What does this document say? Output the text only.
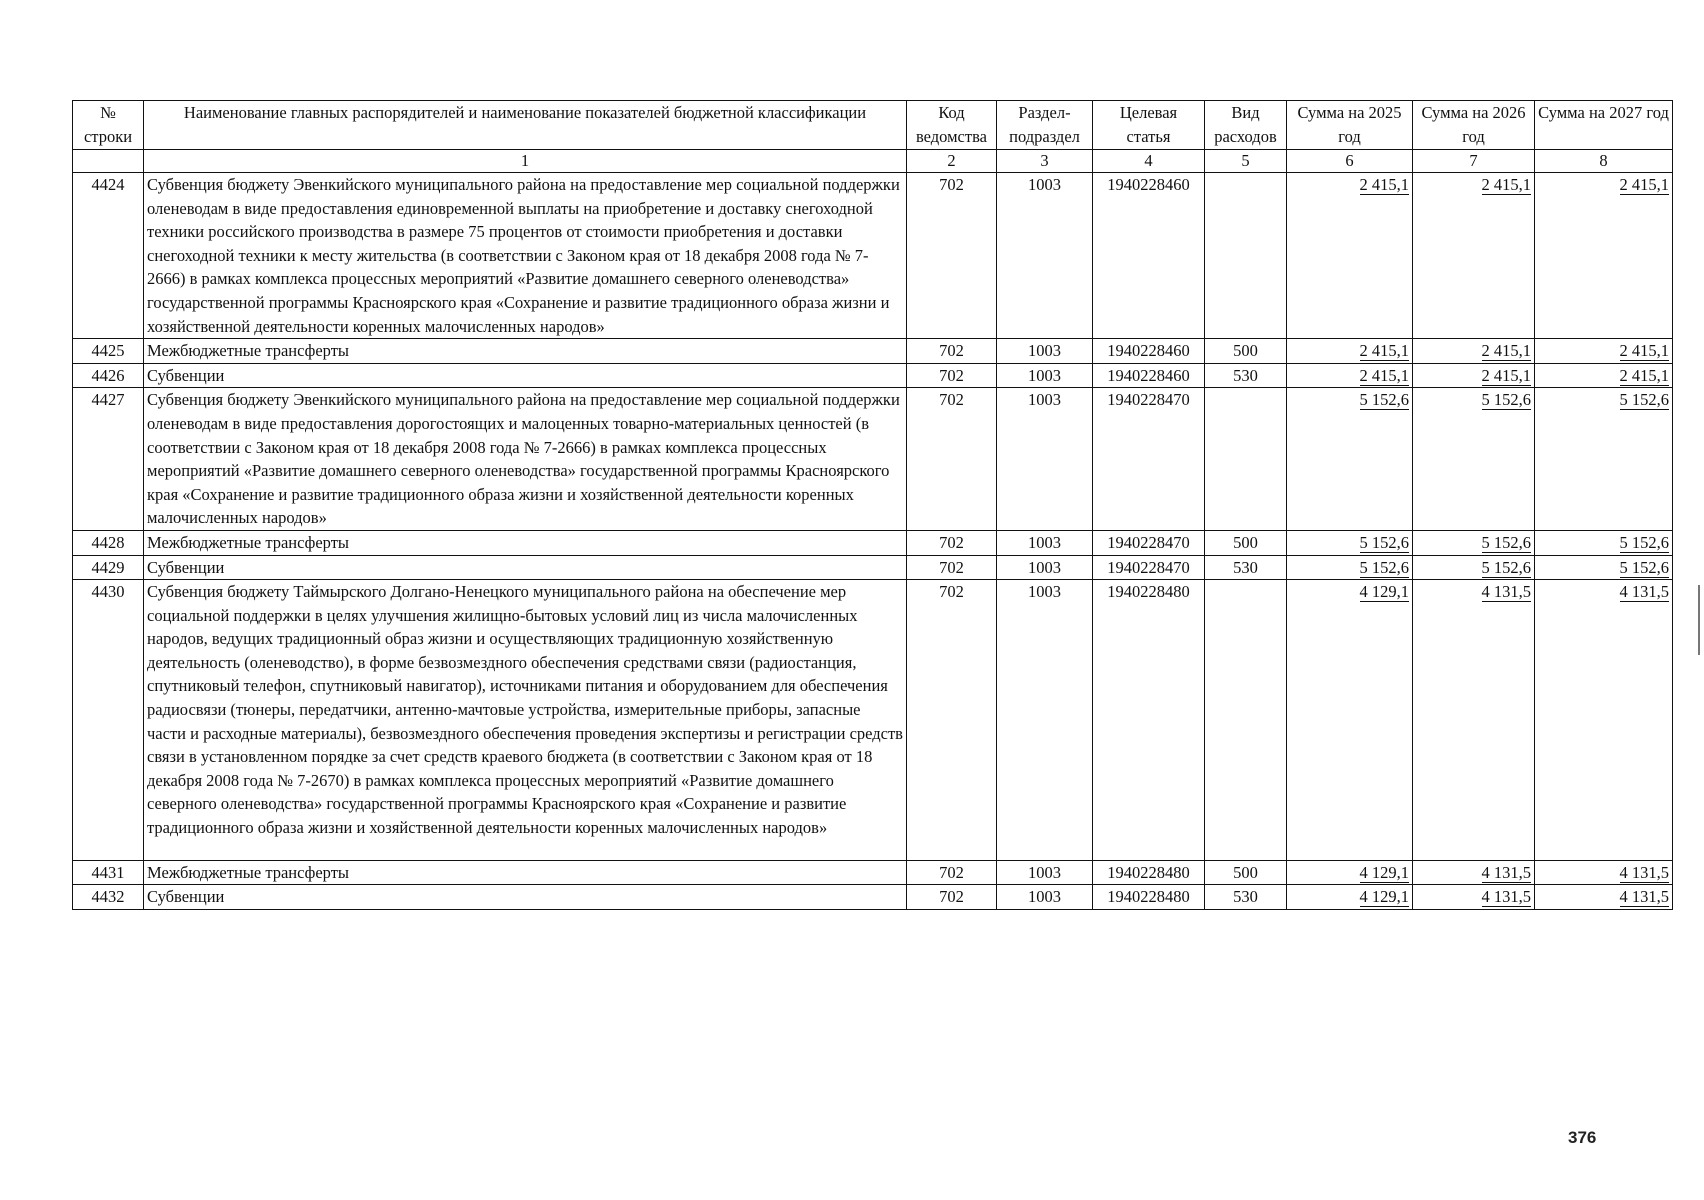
№ строки	Наименование главных распорядителей и наименование показателей бюджетной классификации	Код ведомства	Раздел-подраздел	Целевая статья	Вид расходов	Сумма на 2025 год	Сумма на 2026 год	Сумма на 2027 год
	1	2	3	4	5	6	7	8
4424	Субвенция бюджету Эвенкийского муниципального района на предоставление мер социальной поддержки оленеводам в виде предоставления единовременной выплаты на приобретение и доставку снегоходной техники российского производства в размере 75 процентов от стоимости приобретения и доставки снегоходной техники к месту жительства (в соответствии с Законом края от 18 декабря 2008 года № 7-2666) в рамках комплекса процессных мероприятий «Развитие домашнего северного оленеводства» государственной программы Красноярского края «Сохранение и развитие традиционного образа жизни и хозяйственной деятельности коренных малочисленных народов»	702	1003	1940228460		2 415,1	2 415,1	2 415,1
4425	Межбюджетные трансферты	702	1003	1940228460	500	2 415,1	2 415,1	2 415,1
4426	Субвенции	702	1003	1940228460	530	2 415,1	2 415,1	2 415,1
4427	Субвенция бюджету Эвенкийского муниципального района на предоставление мер социальной поддержки оленеводам в виде предоставления дорогостоящих и малоценных товарно-материальных ценностей (в соответствии с Законом края от 18 декабря 2008 года № 7-2666) в рамках комплекса процессных мероприятий «Развитие домашнего северного оленеводства» государственной программы Красноярского края «Сохранение и развитие традиционного образа жизни и хозяйственной деятельности коренных малочисленных народов»	702	1003	1940228470		5 152,6	5 152,6	5 152,6
4428	Межбюджетные трансферты	702	1003	1940228470	500	5 152,6	5 152,6	5 152,6
4429	Субвенции	702	1003	1940228470	530	5 152,6	5 152,6	5 152,6
4430	Субвенция бюджету Таймырского Долгано-Ненецкого муниципального района на обеспечение мер социальной поддержки в целях улучшения жилищно-бытовых условий лиц из числа малочисленных народов, ведущих традиционный образ жизни и осуществляющих традиционную хозяйственную деятельность (оленеводство), в форме безвозмездного обеспечения средствами связи (радиостанция, спутниковый телефон, спутниковый навигатор), источниками питания и оборудованием для обеспечения радиосвязи (тюнеры, передатчики, антенно-мачтовые устройства, измерительные приборы, запасные части и расходные материалы), безвозмездного обеспечения проведения экспертизы и регистрации средств связи в установленном порядке за счет средств краевого бюджета (в соответствии с Законом края от 18 декабря 2008 года № 7-2670) в рамках комплекса процессных мероприятий «Развитие домашнего северного оленеводства» государственной программы Красноярского края «Сохранение и развитие традиционного образа жизни и хозяйственной деятельности коренных малочисленных народов»	702	1003	1940228480		4 129,1	4 131,5	4 131,5
4431	Межбюджетные трансферты	702	1003	1940228480	500	4 129,1	4 131,5	4 131,5
4432	Субвенции	702	1003	1940228480	530	4 129,1	4 131,5	4 131,5
376
